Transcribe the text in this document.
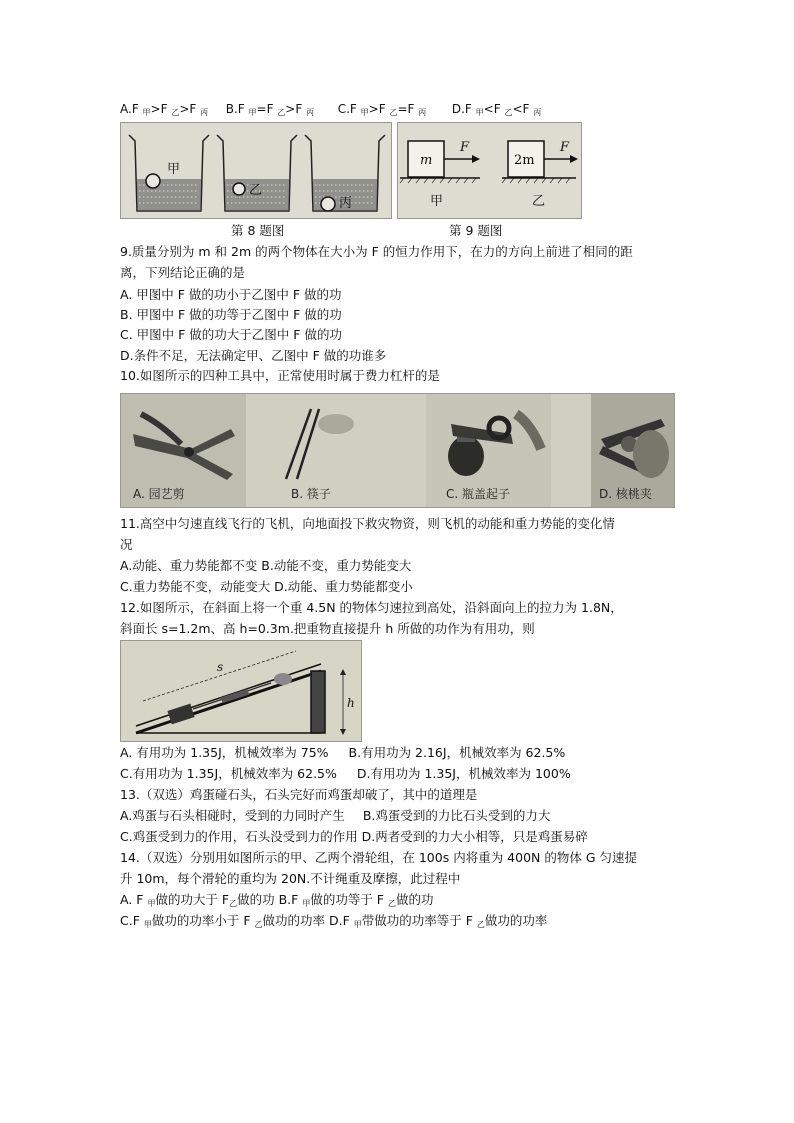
A.F $_甲$>F $_乙$>F $_丙$ B.F $_甲$=F $_乙$>F $_丙$ C.F $_甲$>F $_乙$=F $_丙$ D.F $_甲$<F $_乙$<F $_丙$
甲
乙
丙
m	2m
F	F
甲	乙
第 8 题图	第 9 题图
9.质量分别为 m 和 2m 的两个物体在大小为 F 的恒力作用下，在力的方向上前进了相同的距
离，下列结论正确的是
A. 甲图中 F 做的功小于乙图中 F 做的功
B. 甲图中 F 做的功等于乙图中 F 做的功
C. 甲图中 F 做的功大于乙图中 F 做的功
D.条件不足，无法确定甲、乙图中 F 做的功谁多
10.如图所示的四种工具中，正常使用时属于费力杠杆的是
A. 园艺剪	B. 筷子	C. 瓶盖起子	D. 核桃夹
11.高空中匀速直线飞行的飞机，向地面投下救灾物资，则飞机的动能和重力势能的变化情
况
A.动能、重力势能都不变 B.动能不变，重力势能变大
C.重力势能不变，动能变大 D.动能、重力势能都变小
12.如图所示，在斜面上将一个重 4.5N 的物体匀速拉到高处，沿斜面向上的拉力为 1.8N，
斜面长 s=1.2m、高 h=0.3m.把重物直接提升 h 所做的功作为有用功，则
s
h
A. 有用功为 1.35J，机械效率为 75% B.有用功为 2.16J，机械效率为 62.5%
C.有用功为 1.35J，机械效率为 62.5% D.有用功为 1.35J，机械效率为 100%
13.（双选）鸡蛋碰石头，石头完好而鸡蛋却破了，其中的道理是
A.鸡蛋与石头相碰时，受到的力同时产生 B.鸡蛋受到的力比石头受到的力大
C.鸡蛋受到力的作用，石头没受到力的作用 D.两者受到的力大小相等，只是鸡蛋易碎
14.（双选）分别用如图所示的甲、乙两个滑轮组，在 100s 内将重为 400N 的物体 G 匀速提
升 10m，每个滑轮的重均为 20N.不计绳重及摩擦，此过程中
A. F $_甲$做的功大于 $F_乙$做的功 B.F $_甲$做的功等于 F $_乙$做的功
C.F $_甲$做功的功率小于 F $_乙$做功的功率 D.F $_甲$带做功的功率等于 F $_乙$做功的功率
